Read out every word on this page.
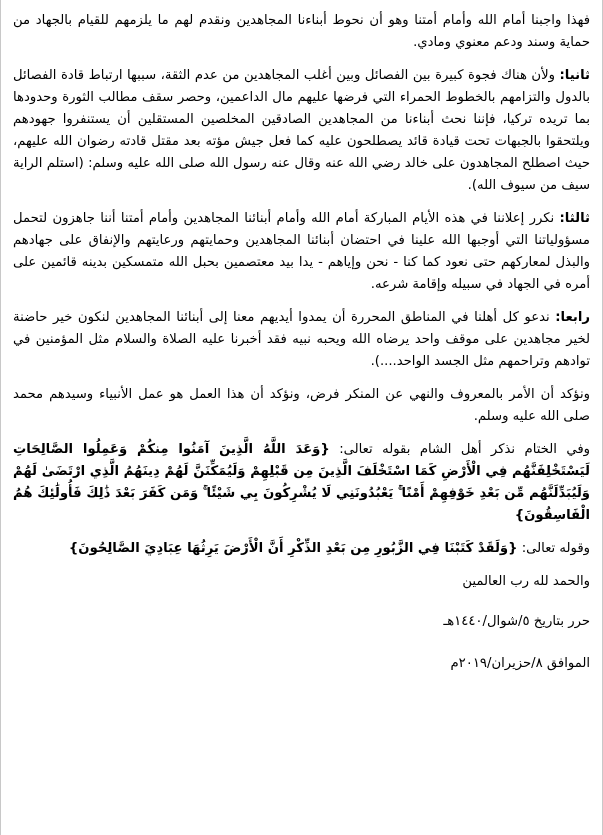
فهذا واجبنا أمام الله وأمام أمتنا وهو أن نحوط أبناءنا المجاهدين ونقدم لهم ما يلزمهم للقيام بالجهاد من حماية وسند ودعم معنوي ومادي.

ثانيا: ولأن هناك فجوة كبيرة بين الفصائل وبين أغلب المجاهدين من عدم الثقة، سببها ارتباط قادة الفصائل بالدول والتزامهم بالخطوط الحمراء التي فرضها عليهم مال الداعمين، وحصر سقف مطالب الثورة وحدودها بما تريده تركيا، فإننا نحث أبناءنا من المجاهدين الصادقين المخلصين المستقلين أن يستنفروا جهودهم ويلتحقوا بالجبهات تحت قيادة قائد يصطلحون عليه كما فعل جيش مؤته بعد مقتل قادته رضوان الله عليهم، حيث اصطلح المجاهدون على خالد رضي الله عنه وقال عنه رسول الله صلى الله عليه وسلم: (استلم الراية سيف من سيوف الله).

ثالثا: نكرر إعلاننا في هذه الأيام المباركة أمام الله وأمام أبنائنا المجاهدين وأمام أمتنا أننا جاهزون لتحمل مسؤولياتنا التي أوجبها الله علينا في احتضان أبنائنا المجاهدين وحمايتهم ورعايتهم والإنفاق على جهادهم والبذل لمعاركهم حتى نعود كما كنا - نحن وإياهم - يدا بيد معتصمين بحبل الله متمسكين بدينه قائمين على أمره في الجهاد في سبيله وإقامة شرعه.

رابعا: ندعو كل أهلنا في المناطق المحررة أن يمدوا أيديهم معنا إلى أبنائنا المجاهدين لنكون خير حاضنة لخير مجاهدين على موقف واحد يرضاه الله ويحبه نبيه فقد أخبرنا عليه الصلاة والسلام مثل المؤمنين في توادهم وتراحمهم مثل الجسد الواحد....).

ونؤكد أن الأمر بالمعروف والنهي عن المنكر فرض، ونؤكد أن هذا العمل هو عمل الأنبياء وسيدهم محمد صلى الله عليه وسلم.

وفي الختام نذكر أهل الشام بقوله تعالى: {وَعَدَ اللَّهُ الَّذِينَ آمَنُوا مِنكُمْ وَعَمِلُوا الصَّالِحَاتِ لَيَسْتَخْلِفَنَّهُم فِي الْأَرْضِ كَمَا اسْتَخْلَفَ الَّذِينَ مِن قَبْلِهِمْ وَلَيُمَكِّنَنَّ لَهُمْ دِينَهُمُ الَّذِي ارْتَضَىٰ لَهُمْ وَلَيُبَدِّلَنَّهُم مِّن بَعْدِ خَوْفِهِمْ أَمْنًا ۚ يَعْبُدُونَنِي لَا يُشْرِكُونَ بِي شَيْئًا ۚ وَمَن كَفَرَ بَعْدَ ذَٰلِكَ فَأُولَٰئِكَ هُمُ الْفَاسِقُونَ}

وقوله تعالى: {وَلَقَدْ كَتَبْنَا فِي الزَّبُورِ مِن بَعْدِ الذِّكْرِ أَنَّ الْأَرْضَ يَرِثُهَا عِبَادِيَ الصَّالِحُونَ}

والحمد لله رب العالمين

حرر بتاريخ ٥/شوال/١٤٤٠هـ

الموافق ٨/حزيران/٢٠١٩م
